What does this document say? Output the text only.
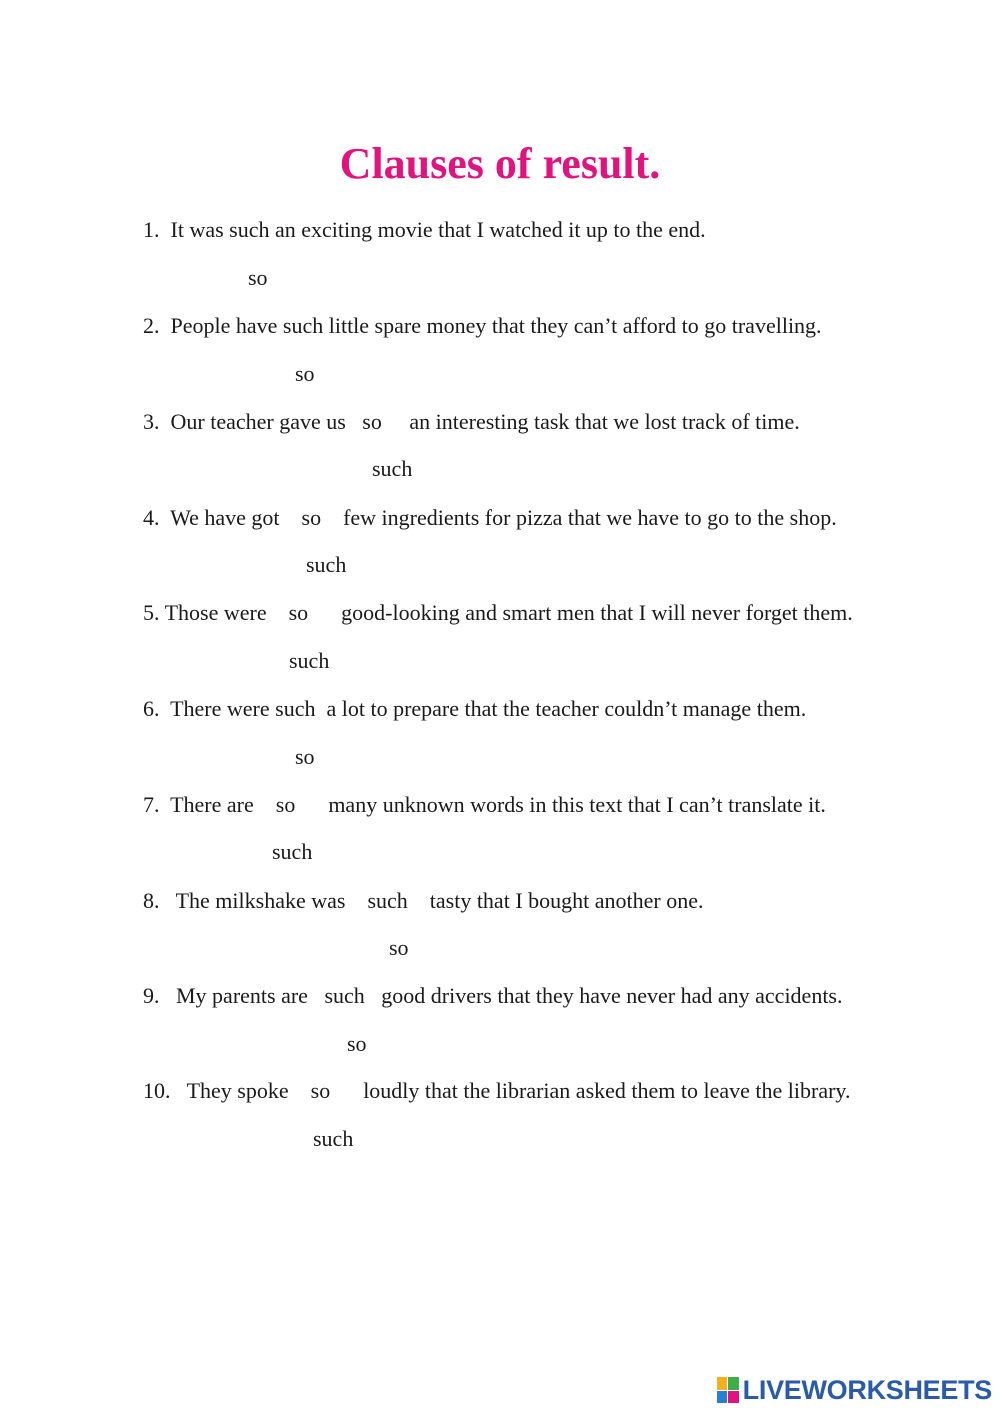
Clauses of result.
1.  It was such an exciting movie that I watched it up to the end.
so
2.  People have such little spare money that they can’t afford to go travelling.
so
3.  Our teacher gave us   so     an interesting task that we lost track of time.
such
4.  We have got    so    few ingredients for pizza that we have to go to the shop.
such
5. Those were    so      good-looking and smart men that I will never forget them.
such
6.  There were such  a lot to prepare that the teacher couldn’t manage them.
so
7.  There are    so      many unknown words in this text that I can’t translate it.
such
8.   The milkshake was    such    tasty that I bought another one.
so
9.   My parents are   such   good drivers that they have never had any accidents.
so
10.   They spoke    so      loudly that the librarian asked them to leave the library.
such
LIVEWORKSHEETS
